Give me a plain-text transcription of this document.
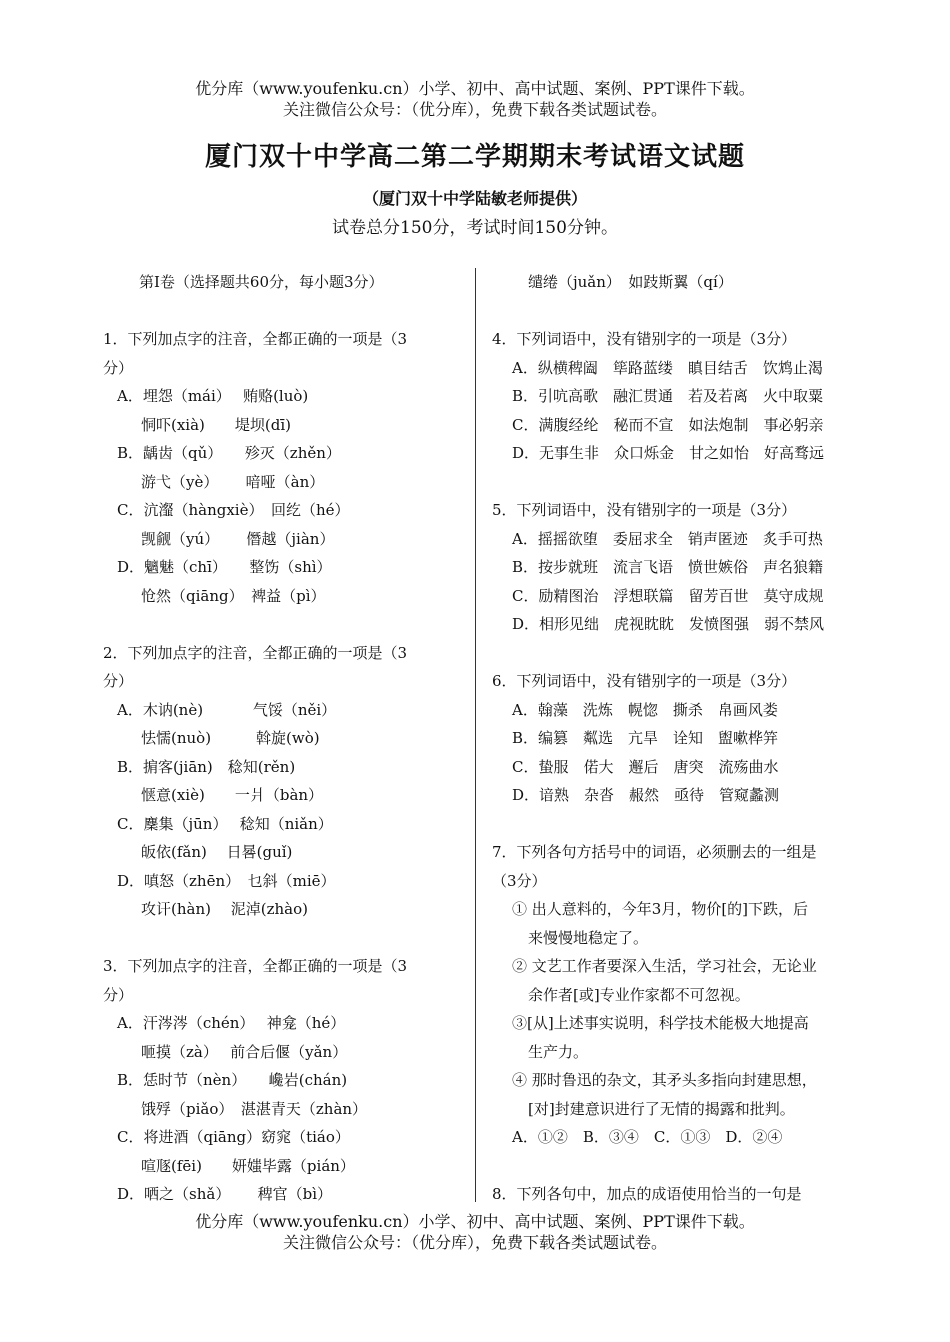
优分库（www.youfenku.cn）小学、初中、高中试题、案例、PPT课件下载。
关注微信公众号：（优分库），免费下载各类试题试卷。
厦门双十中学高二第二学期期末考试语文试题
（厦门双十中学陆敏老师提供）
试卷总分150分，考试时间150分钟。
第Ⅰ卷（选择题共60分，每小题3分）
1．下列加点字的注音，全都正确的一项是（3
分）
A．埋怨（mái）　 贿赂(luò)
恫吓(xià)　　堤坝(dī)
B．龋齿（qǔ）　　殄灭（zhěn）
游弋（yè）　　 喑哑（àn）
C．沆瀣（hàngxiè）　回纥（hé）
觊觎（yú）　　 僭越（jiàn）
D．魑魅（chī）　　整饬（shì）
怆然（qiāng）　裨益（pì）
2．下列加点字的注音，全都正确的一项是（3
分）
A．木讷(nè)　　　 气馁（něi）
怯懦(nuò)　　　斡旋(wò)
B．掮客(jiān)　稔知(rěn)
惬意(xiè)　　一爿（bàn）
C．麇集（jūn）　 稔知（niǎn）
皈依(fǎn)　 日晷(guǐ)
D．嗔怒（zhēn）　乜斜（miē）
攻讦(hàn)　 泥淖(zhào)
3．下列加点字的注音，全都正确的一项是（3
分）
A．汗涔涔（chén）　 神龛（hé）
咂摸（zà）　 前合后偃（yǎn）
B．恁时节（nèn）　　巉岩(chán)
饿殍（piǎo）　湛湛青天（zhàn）
C．将进酒（qiāng）窈窕（tiáo）
喧豗(fēi)　　妍媸毕露（pián）
D．哂之（shǎ）　　 稗官（bì）
缱绻（juǎn）　如跂斯翼（qí）
4．下列词语中，没有错别字的一项是（3分）
A．纵横稗阖　筚路蓝缕　瞋目结舌　饮鸩止渴
B．引吭高歌　融汇贯通　若及若离　火中取粟
C．满腹经纶　秘而不宣　如法炮制　事必躬亲
D．无事生非　众口烁金　甘之如怡　好高骛远
5．下列词语中，没有错别字的一项是（3分）
A．摇摇欲堕　委屈求全　销声匿迹　炙手可热
B．按步就班　流言飞语　愤世嫉俗　声名狼籍
C．励精图治　浮想联篇　留芳百世　莫守成规
D．相形见绌　虎视眈眈　发愤图强　弱不禁风
6．下列词语中，没有错别字的一项是（3分）
A．翰藻　洗炼　幌惚　撕杀　帛画风娄
B．编篡　粼选　亢旱　诠知　盥嗽桦笄
C．蛰服　偌大　邂后　唐突　流殇曲水
D．谙熟　杂沓　赧然　亟待　管窥蠡测
7．下列各句方括号中的词语，必须删去的一组是
（3分）
① 出人意料的，今年3月，物价[的]下跌，后
来慢慢地稳定了。
② 文艺工作者要深入生活，学习社会，无论业
余作者[或]专业作家都不可忽视。
③[从]上述事实说明，科学技术能极大地提高
生产力。
④ 那时鲁迅的杂文，其矛头多指向封建思想，
[对]封建意识进行了无情的揭露和批判。
A．①②　B．③④　C．①③　D．②④
8．下列各句中，加点的成语使用恰当的一句是
优分库（www.youfenku.cn）小学、初中、高中试题、案例、PPT课件下载。
关注微信公众号：（优分库），免费下载各类试题试卷。
